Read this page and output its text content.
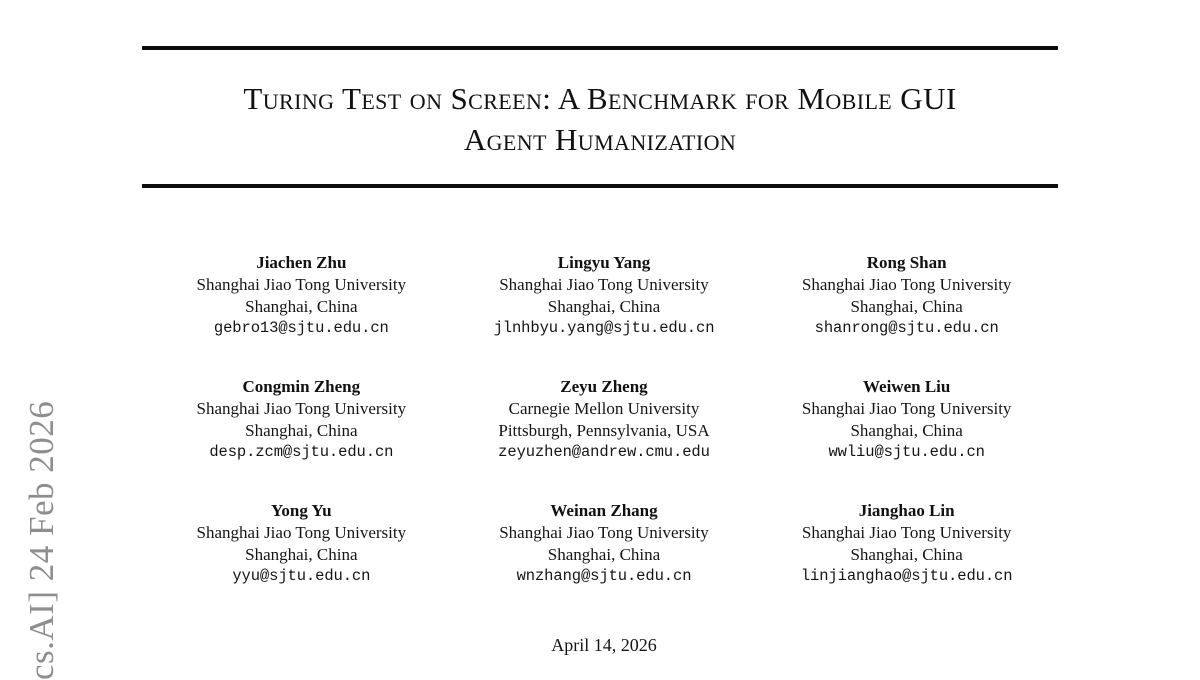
cs.AI] 24 Feb 2026
Turing Test on Screen: A Benchmark for Mobile GUI
Agent Humanization
Jiachen Zhu
Shanghai Jiao Tong University
Shanghai, China
gebro13@sjtu.edu.cn
Lingyu Yang
Shanghai Jiao Tong University
Shanghai, China
jlnhbyu.yang@sjtu.edu.cn
Rong Shan
Shanghai Jiao Tong University
Shanghai, China
shanrong@sjtu.edu.cn
Congmin Zheng
Shanghai Jiao Tong University
Shanghai, China
desp.zcm@sjtu.edu.cn
Zeyu Zheng
Carnegie Mellon University
Pittsburgh, Pennsylvania, USA
zeyuzhen@andrew.cmu.edu
Weiwen Liu
Shanghai Jiao Tong University
Shanghai, China
wwliu@sjtu.edu.cn
Yong Yu
Shanghai Jiao Tong University
Shanghai, China
yyu@sjtu.edu.cn
Weinan Zhang
Shanghai Jiao Tong University
Shanghai, China
wnzhang@sjtu.edu.cn
Jianghao Lin
Shanghai Jiao Tong University
Shanghai, China
linjianghao@sjtu.edu.cn
April 14, 2026
